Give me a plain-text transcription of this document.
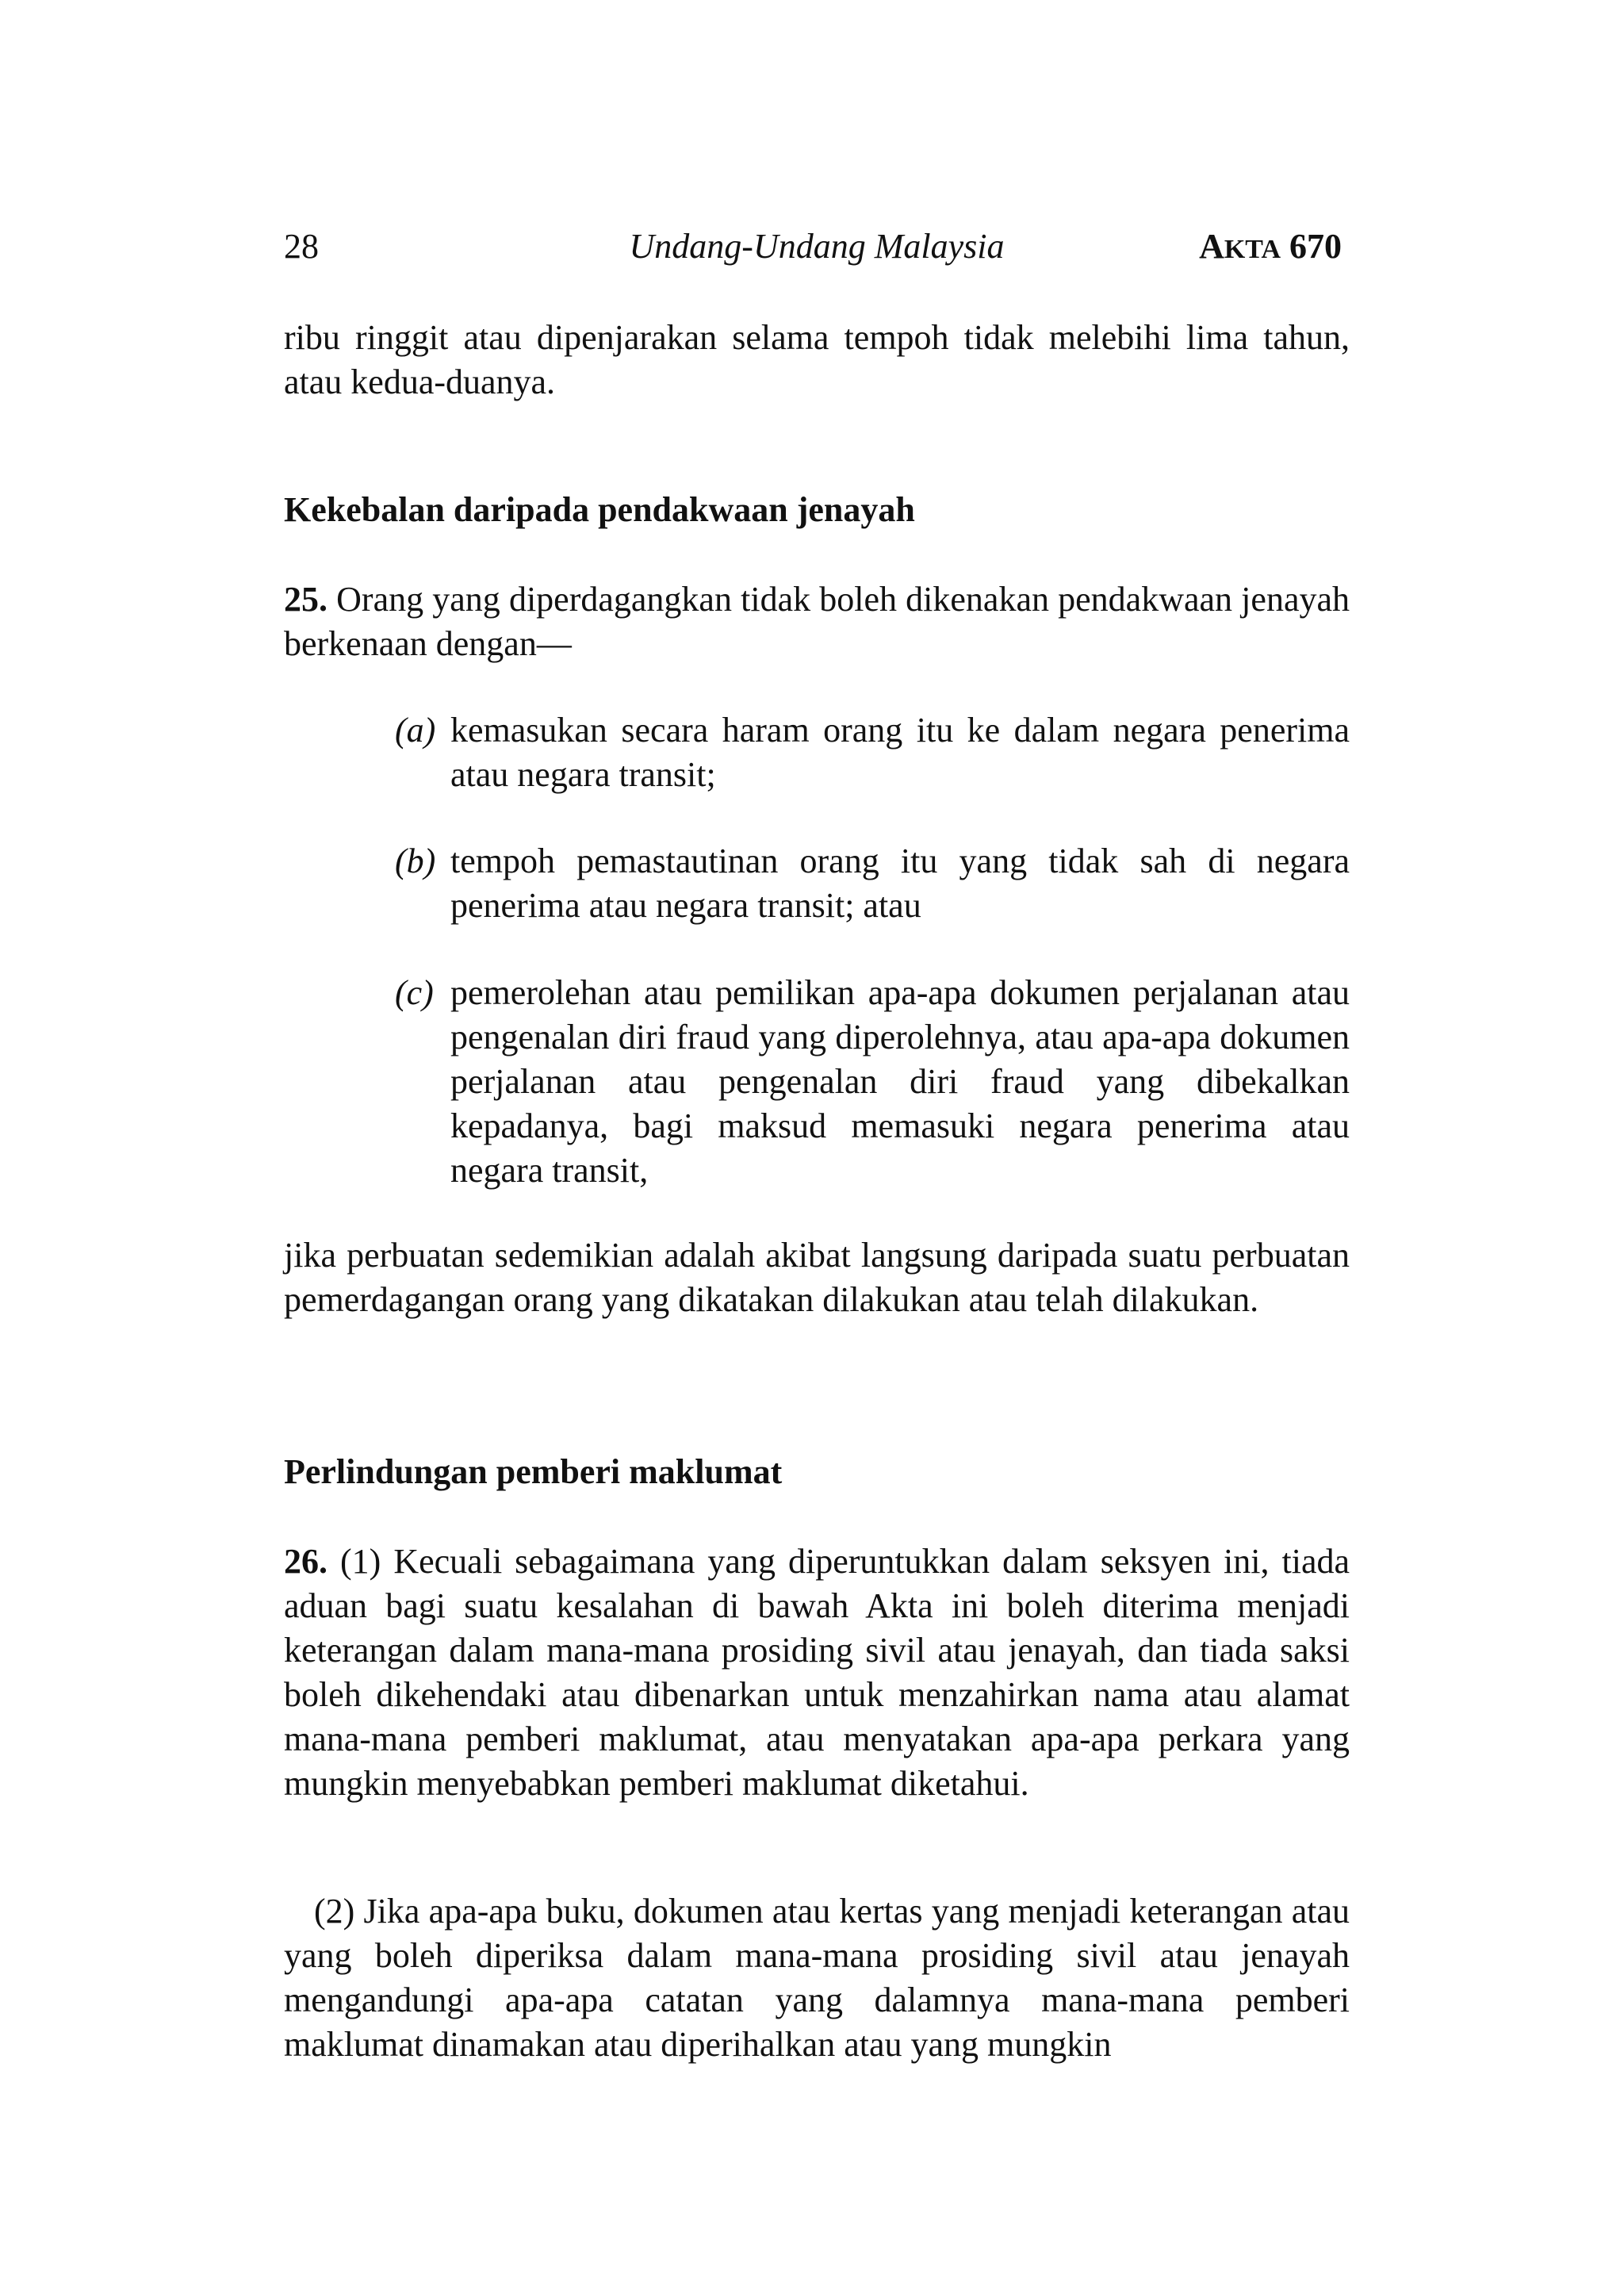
28	Undang-Undang Malaysia	AKTA 670

ribu ringgit atau dipenjarakan selama tempoh tidak melebihi lima tahun, atau kedua-duanya.

Kekebalan daripada pendakwaan jenayah

25. Orang yang diperdagangkan tidak boleh dikenakan pendakwaan jenayah berkenaan dengan—

(a) kemasukan secara haram orang itu ke dalam negara penerima atau negara transit;
(b) tempoh pemastautinan orang itu yang tidak sah di negara penerima atau negara transit; atau
(c) pemerolehan atau pemilikan apa-apa dokumen perjalanan atau pengenalan diri fraud yang diperolehnya, atau apa-apa dokumen perjalanan atau pengenalan diri fraud yang dibekalkan kepadanya, bagi maksud memasuki negara penerima atau negara transit,

jika perbuatan sedemikian adalah akibat langsung daripada suatu perbuatan pemerdagangan orang yang dikatakan dilakukan atau telah dilakukan.

Perlindungan pemberi maklumat

26. (1) Kecuali sebagaimana yang diperuntukkan dalam seksyen ini, tiada aduan bagi suatu kesalahan di bawah Akta ini boleh diterima menjadi keterangan dalam mana-mana prosiding sivil atau jenayah, dan tiada saksi boleh dikehendaki atau dibenarkan untuk menzahirkan nama atau alamat mana-mana pemberi maklumat, atau menyatakan apa-apa perkara yang mungkin menyebabkan pemberi maklumat diketahui.

(2) Jika apa-apa buku, dokumen atau kertas yang menjadi keterangan atau yang boleh diperiksa dalam mana-mana prosiding sivil atau jenayah mengandungi apa-apa catatan yang dalamnya mana-mana pemberi maklumat dinamakan atau diperihalkan atau yang mungkin
